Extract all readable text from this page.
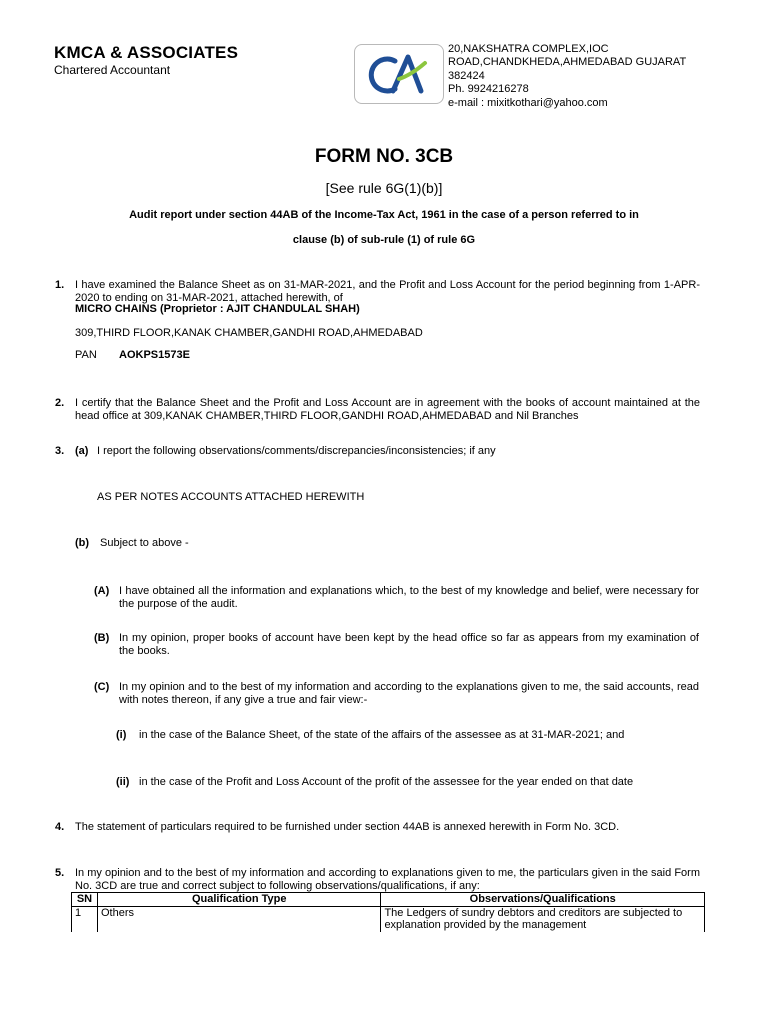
KMCA & ASSOCIATES
Chartered Accountant
20,NAKSHATRA COMPLEX,IOC
ROAD,CHANDKHEDA,AHMEDABAD GUJARAT
382424
Ph. 9924216278
e-mail : mixitkothari@yahoo.com
FORM NO. 3CB
[See rule 6G(1)(b)]
Audit report under section 44AB of the Income-Tax Act, 1961 in the case of a person referred to in
clause (b) of sub-rule (1) of rule 6G
1. I have examined the Balance Sheet as on 31-MAR-2021, and the Profit and Loss Account for the period beginning from 1-APR-2020 to ending on 31-MAR-2021, attached herewith, of
MICRO CHAINS (Proprietor : AJIT CHANDULAL SHAH)
309,THIRD FLOOR,KANAK CHAMBER,GANDHI ROAD,AHMEDABAD
PAN AOKPS1573E
2. I certify that the Balance Sheet and the Profit and Loss Account are in agreement with the books of account maintained at the head office at 309,KANAK CHAMBER,THIRD FLOOR,GANDHI ROAD,AHMEDABAD and Nil Branches
3. (a) I report the following observations/comments/discrepancies/inconsistencies; if any
AS PER NOTES ACCOUNTS ATTACHED HEREWITH
(b) Subject to above -
(A) I have obtained all the information and explanations which, to the best of my knowledge and belief, were necessary for the purpose of the audit.
(B) In my opinion, proper books of account have been kept by the head office so far as appears from my examination of the books.
(C) In my opinion and to the best of my information and according to the explanations given to me, the said accounts, read with notes thereon, if any give a true and fair view:-
(i) in the case of the Balance Sheet, of the state of the affairs of the assessee as at 31-MAR-2021; and
(ii) in the case of the Profit and Loss Account of the profit of the assessee for the year ended on that date
4. The statement of particulars required to be furnished under section 44AB is annexed herewith in Form No. 3CD.
5. In my opinion and to the best of my information and according to explanations given to me, the particulars given in the said Form No. 3CD are true and correct subject to following observations/qualifications, if any:
SN	Qualification Type	Observations/Qualifications
1	Others	The Ledgers of sundry debtors and creditors are subjected to explanation provided by the management
